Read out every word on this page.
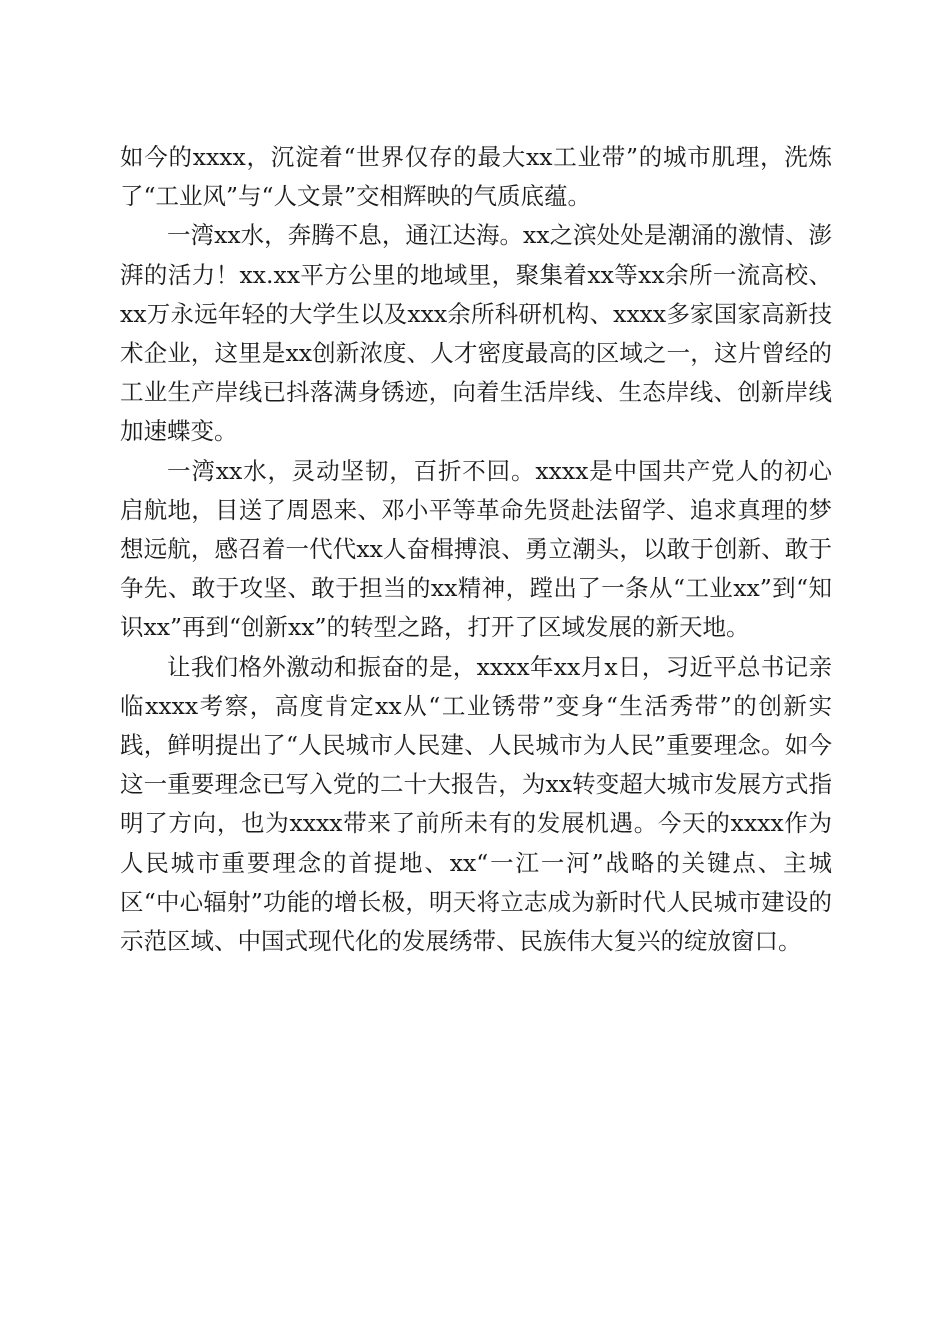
如今的xxxx，沉淀着“世界仅存的最大xx工业带”的城市肌理，洗炼了“工业风”与“人文景”交相辉映的气质底蕴。

一湾xx水，奔腾不息，通江达海。xx之滨处处是潮涌的激情、澎湃的活力！xx.xx平方公里的地域里，聚集着xx等xx余所一流高校、xx万永远年轻的大学生以及xxx余所科研机构、xxxx多家国家高新技术企业，这里是xx创新浓度、人才密度最高的区域之一，这片曾经的工业生产岸线已抖落满身锈迹，向着生活岸线、生态岸线、创新岸线加速蝶变。

一湾xx水，灵动坚韧，百折不回。xxxx是中国共产党人的初心启航地，目送了周恩来、邓小平等革命先贤赴法留学、追求真理的梦想远航，感召着一代代xx人奋楫搏浪、勇立潮头，以敢于创新、敢于争先、敢于攻坚、敢于担当的xx精神，蹚出了一条从“工业xx”到“知识xx”再到“创新xx”的转型之路，打开了区域发展的新天地。

让我们格外激动和振奋的是，xxxx年xx月x日，习近平总书记亲临xxxx考察，高度肯定xx从“工业锈带”变身“生活秀带”的创新实践，鲜明提出了“人民城市人民建、人民城市为人民”重要理念。如今这一重要理念已写入党的二十大报告，为xx转变超大城市发展方式指明了方向，也为xxxx带来了前所未有的发展机遇。今天的xxxx作为人民城市重要理念的首提地、xx“一江一河”战略的关键点、主城区“中心辐射”功能的增长极，明天将立志成为新时代人民城市建设的示范区域、中国式现代化的发展绣带、民族伟大复兴的绽放窗口。
